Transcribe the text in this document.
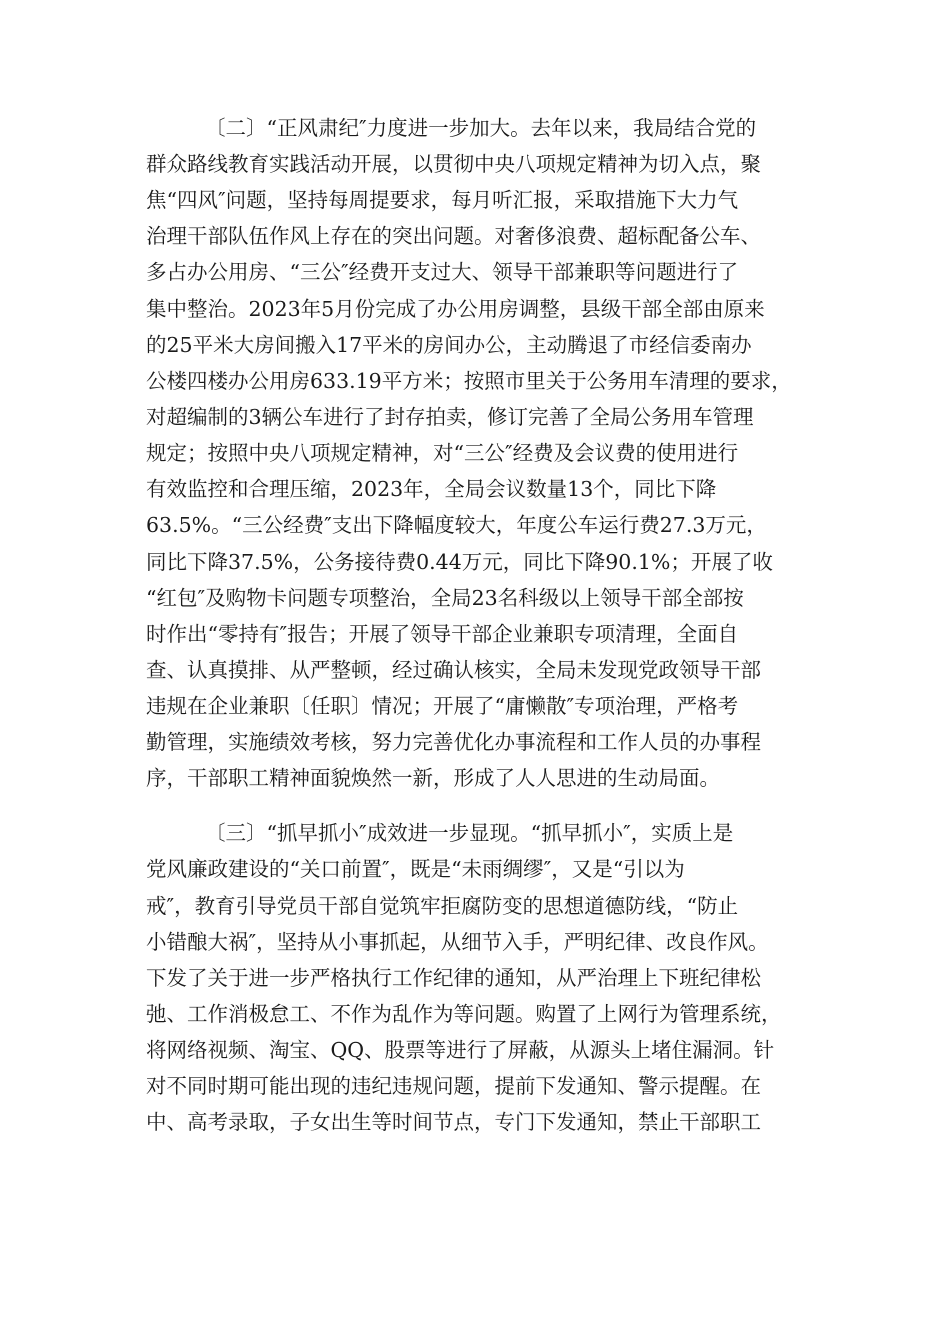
〔二〕“正风肃纪″力度进一步加大。去年以来，我局结合党的

群众路线教育实践活动开展，以贯彻中央八项规定精神为切入点，聚

焦“四风″问题，坚持每周提要求，每月听汇报，采取措施下大力气

治理干部队伍作风上存在的突出问题。对奢侈浪费、超标配备公车、

多占办公用房、“三公″经费开支过大、领导干部兼职等问题进行了

集中整治。2023年5月份完成了办公用房调整，县级干部全部由原来

的25平米大房间搬入17平米的房间办公，主动腾退了市经信委南办

公楼四楼办公用房633.19平方米；按照市里关于公务用车清理的要求，

对超编制的3辆公车进行了封存拍卖，修订完善了全局公务用车管理

规定；按照中央八项规定精神，对“三公″经费及会议费的使用进行

有效监控和合理压缩，2023年，全局会议数量13个，同比下降

63.5%。“三公经费″支出下降幅度较大，年度公车运行费27.3万元，

同比下降37.5%，公务接待费0.44万元，同比下降90.1%；开展了收

“红包″及购物卡问题专项整治，全局23名科级以上领导干部全部按

时作出“零持有″报告；开展了领导干部企业兼职专项清理，全面自

查、认真摸排、从严整顿，经过确认核实，全局未发现党政领导干部

违规在企业兼职〔任职〕情况；开展了“庸懒散″专项治理，严格考

勤管理，实施绩效考核，努力完善优化办事流程和工作人员的办事程

序，干部职工精神面貌焕然一新，形成了人人思进的生动局面。

〔三〕“抓早抓小″成效进一步显现。“抓早抓小″，实质上是

党风廉政建设的“关口前置″，既是“未雨绸缪″，又是“引以为

戒″，教育引导党员干部自觉筑牢拒腐防变的思想道德防线，“防止

小错酿大祸″，坚持从小事抓起，从细节入手，严明纪律、改良作风。

下发了关于进一步严格执行工作纪律的通知，从严治理上下班纪律松

弛、工作消极怠工、不作为乱作为等问题。购置了上网行为管理系统，

将网络视频、淘宝、QQ、股票等进行了屏蔽，从源头上堵住漏洞。针

对不同时期可能出现的违纪违规问题，提前下发通知、警示提醒。在

中、高考录取，子女出生等时间节点，专门下发通知，禁止干部职工
